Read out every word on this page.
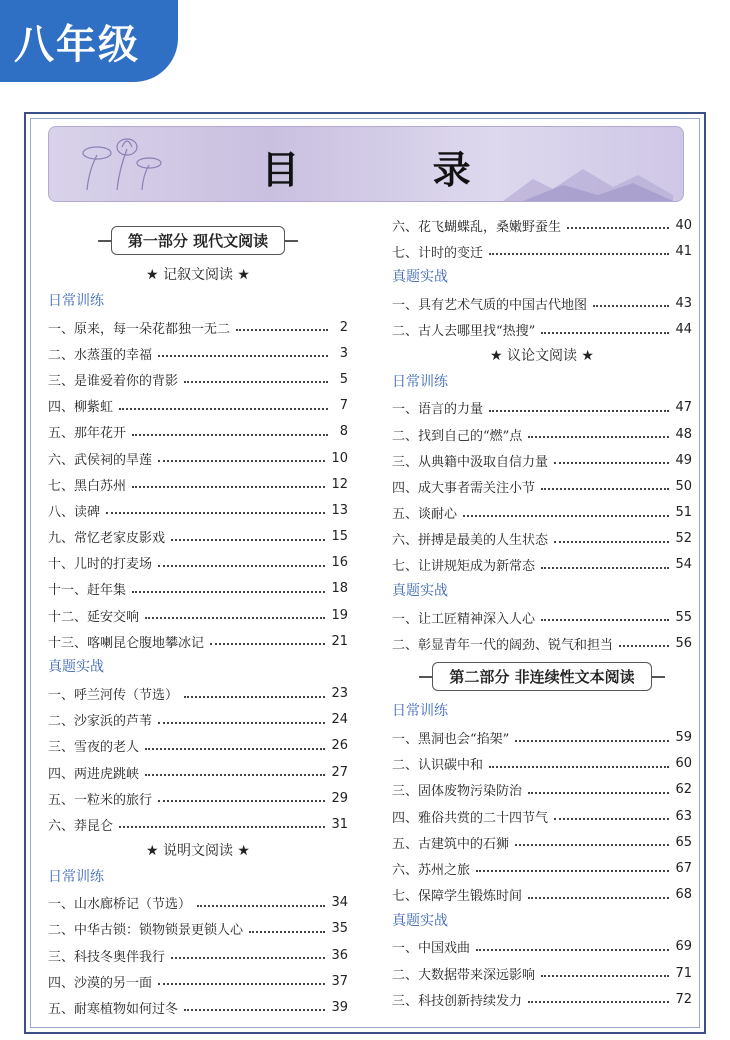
八年级
目 录
第一部分 现代文阅读
★ 记叙文阅读 ★
日常训练
一、原来，每一朵花都独一无二	2
二、水蒸蛋的幸福	3
三、是谁爱着你的背影	5
四、柳紫虹	7
五、那年花开	8
六、武侯祠的旱莲	10
七、黑白苏州	12
八、读碑	13
九、常忆老家皮影戏	15
十、儿时的打麦场	16
十一、赶年集	18
十二、延安交响	19
十三、喀喇昆仑腹地攀冰记	21
真题实战
一、呼兰河传（节选）	23
二、沙家浜的芦苇	24
三、雪夜的老人	26
四、两进虎跳峡	27
五、一粒米的旅行	29
六、莽昆仑	31
★ 说明文阅读 ★
日常训练
一、山水廊桥记（节选）	34
二、中华古锁：锁物锁景更锁人心	35
三、科技冬奥伴我行	36
四、沙漠的另一面	37
五、耐寒植物如何过冬	39
六、花飞蝴蝶乱，桑嫩野蚕生	40
七、计时的变迁	41
真题实战
一、具有艺术气质的中国古代地图	43
二、古人去哪里找“热搜”	44
★ 议论文阅读 ★
日常训练
一、语言的力量	47
二、找到自己的“燃”点	48
三、从典籍中汲取自信力量	49
四、成大事者需关注小节	50
五、谈耐心	51
六、拼搏是最美的人生状态	52
七、让讲规矩成为新常态	54
真题实战
一、让工匠精神深入人心	55
二、彰显青年一代的阔劲、锐气和担当	56
第二部分 非连续性文本阅读
日常训练
一、黑洞也会“掐架”	59
二、认识碳中和	60
三、固体废物污染防治	62
四、雅俗共赏的二十四节气	63
五、古建筑中的石狮	65
六、苏州之旅	67
七、保障学生锻炼时间	68
真题实战
一、中国戏曲	69
二、大数据带来深远影响	71
三、科技创新持续发力	72
